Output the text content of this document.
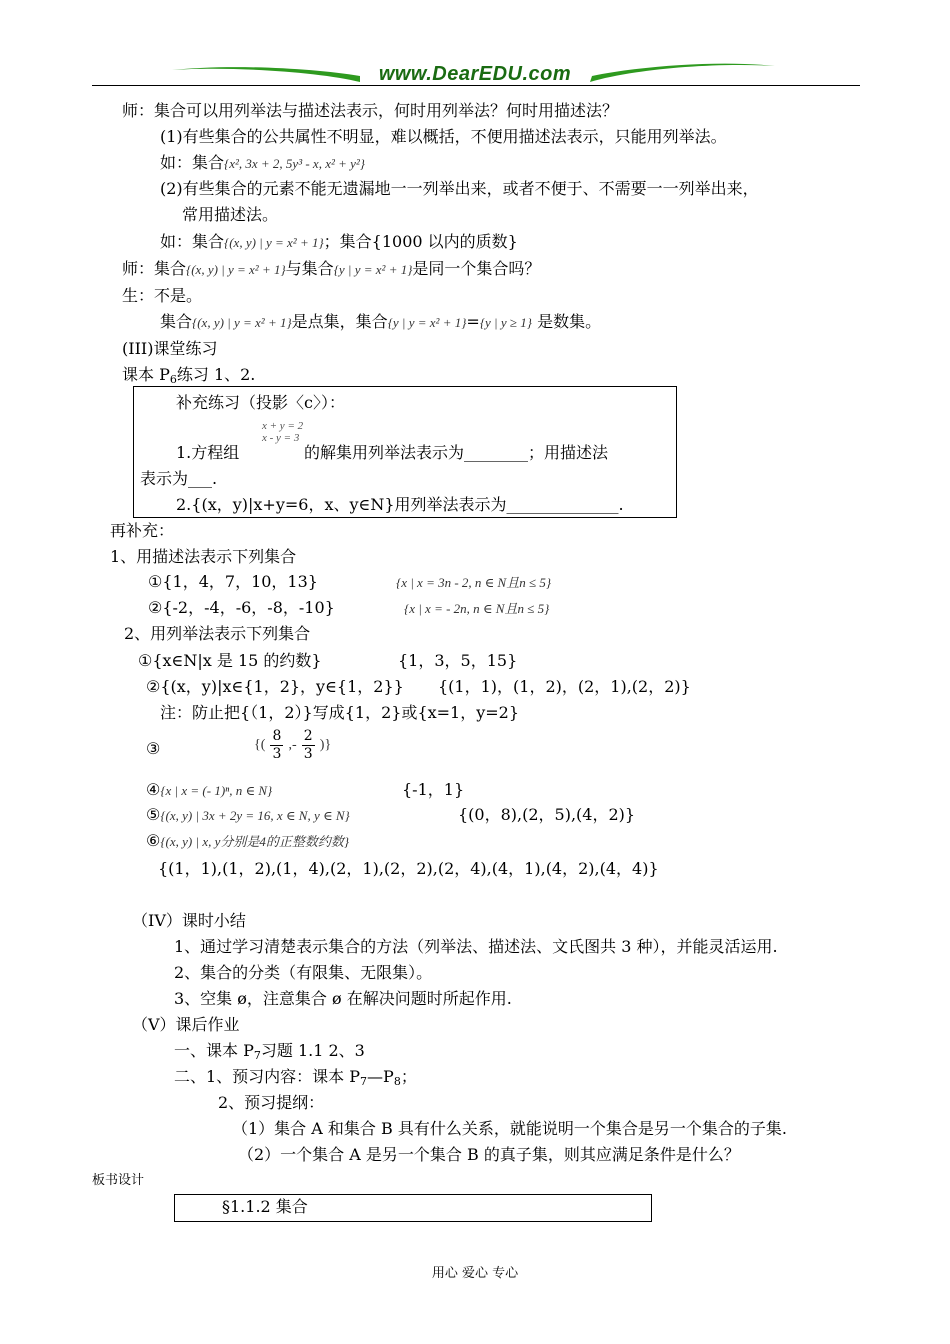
www.DearEDU.com
师：集合可以用列举法与描述法表示，何时用列举法？何时用描述法？
(1)有些集合的公共属性不明显，难以概括，不便用描述法表示，只能用列举法。
如：集合{x², 3x + 2, 5y³ - x, x² + y²}
(2)有些集合的元素不能无遗漏地一一列举出来，或者不便于、不需要一一列举出来，
常用描述法。
如：集合{(x, y) | y = x² + 1}；集合{1000 以内的质数}
师：集合{(x, y) | y = x² + 1}与集合{y | y = x² + 1}是同一个集合吗？
生：不是。
集合{(x, y) | y = x² + 1}是点集，集合{y | y = x² + 1}={y | y ≥ 1} 是数集。
(III)课堂练习
课本 $P_6$练习 1、2.
补充练习（投影〈c〉）：
x + y = 2
x - y = 3
1.方程组	的解集用列举法表示为________；用描述法
表示为___.
2.{(x，y)|x+y=6，x、y∈N}用列举法表示为______________.
再补充：
1、用描述法表示下列集合
①{1，4，7，10，13}	{x | x = 3n - 2, n ∈ N且n ≤ 5}
②{-2，-4，-6，-8，-10}	{x | x = - 2n, n ∈ N且n ≤ 5}
2、用列举法表示下列集合
①{x∈N|x 是 15 的约数}	{1，3，5，15}
②{(x，y)|x∈{1，2}，y∈{1，2}} {(1，1)，(1，2)，(2，1),(2，2)}
注：防止把{（1，2）}写成{1，2}或{x=1，y=2}
③	{( $\frac{8}{3}$ ,- $\frac{2}{3}$ )}
④{x | x = (- 1)ⁿ, n ∈ N}	{-1，1}
⑤{(x, y) | 3x + 2y = 16, x ∈ N, y ∈ N}	{(0，8),(2，5),(4，2)}
⑥{(x, y) | x, y分别是4的正整数约数}
{(1，1),(1，2),(1，4),(2，1),(2，2),(2，4),(4，1),(4，2),(4，4)}
（IV）课时小结
1、通过学习清楚表示集合的方法（列举法、描述法、文氏图共 3 种），并能灵活运用.
2、集合的分类（有限集、无限集）。
3、空集 ø，注意集合 ø 在解决问题时所起作用.
（V）课后作业
一、课本 $P_7$习题 1.1 2、3
二、1、预习内容：课本 $P_7—P_8$；
2、预习提纲：
（1）集合 A 和集合 B 具有什么关系，就能说明一个集合是另一个集合的子集.
（2）一个集合 A 是另一个集合 B 的真子集，则其应满足条件是什么？
板书设计
§1.1.2 集合
用心 爱心 专心
